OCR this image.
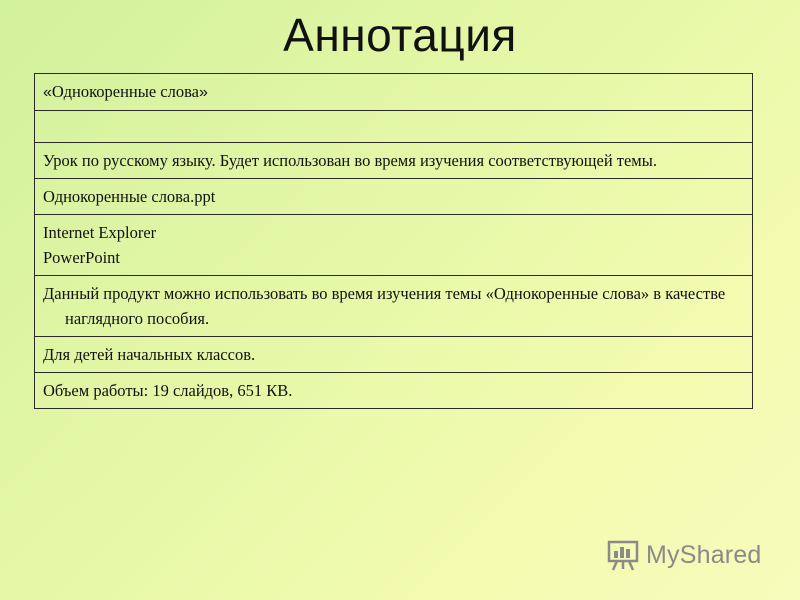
Аннотация
«Однокоренные слова»

Урок по русскому языку. Будет использован во время изучения соответствующей темы.
Однокоренные слова.ppt

Internet Explorer
PowerPoint

Данный продукт можно использовать во время изучения темы «Однокоренные слова» в качестве наглядного пособия.
Для детей начальных классов.
Объем работы: 19 слайдов, 651 КВ.
MyShared
